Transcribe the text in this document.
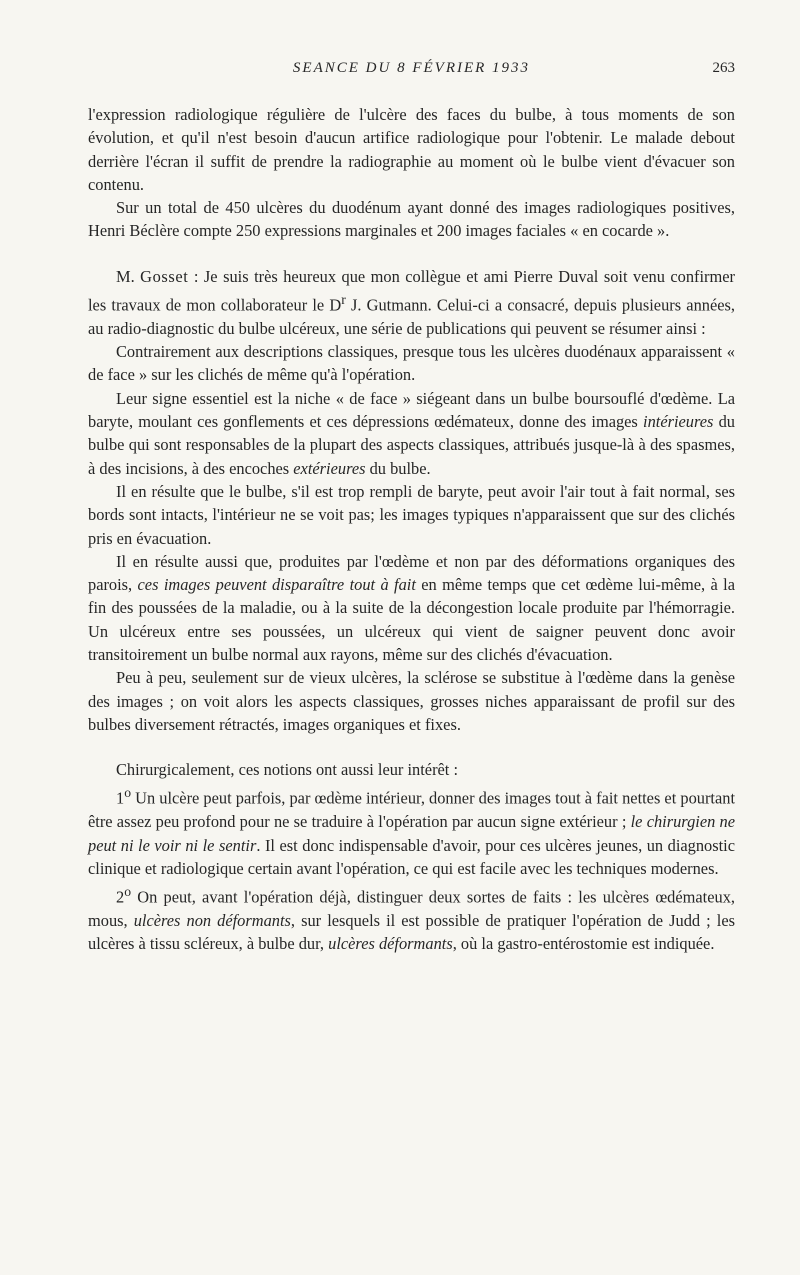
SEANCE DU 8 FÉVRIER 1933	263

l'expression radiologique régulière de l'ulcère des faces du bulbe, à tous moments de son évolution, et qu'il n'est besoin d'aucun artifice radiologique pour l'obtenir. Le malade debout derrière l'écran il suffit de prendre la radiographie au moment où le bulbe vient d'évacuer son contenu.

Sur un total de 450 ulcères du duodénum ayant donné des images radiologiques positives, Henri Béclère compte 250 expressions marginales et 200 images faciales « en cocarde ».

M. Gosset : Je suis très heureux que mon collègue et ami Pierre Duval soit venu confirmer les travaux de mon collaborateur le $D^r$ J. Gutmann. Celui-ci a consacré, depuis plusieurs années, au radio-diagnostic du bulbe ulcéreux, une série de publications qui peuvent se résumer ainsi :

Contrairement aux descriptions classiques, presque tous les ulcères duodénaux apparaissent « de face » sur les clichés de même qu'à l'opération.

Leur signe essentiel est la niche « de face » siégeant dans un bulbe boursouflé d'œdème. La baryte, moulant ces gonflements et ces dépressions œdémateux, donne des images intérieures du bulbe qui sont responsables de la plupart des aspects classiques, attribués jusque-là à des spasmes, à des incisions, à des encoches extérieures du bulbe.

Il en résulte que le bulbe, s'il est trop rempli de baryte, peut avoir l'air tout à fait normal, ses bords sont intacts, l'intérieur ne se voit pas; les images typiques n'apparaissent que sur des clichés pris en évacuation.

Il en résulte aussi que, produites par l'œdème et non par des déformations organiques des parois, ces images peuvent disparaître tout à fait en même temps que cet œdème lui-même, à la fin des poussées de la maladie, ou à la suite de la décongestion locale produite par l'hémorragie. Un ulcéreux entre ses poussées, un ulcéreux qui vient de saigner peuvent donc avoir transitoirement un bulbe normal aux rayons, même sur des clichés d'évacuation.

Peu à peu, seulement sur de vieux ulcères, la sclérose se substitue à l'œdème dans la genèse des images ; on voit alors les aspects classiques, grosses niches apparaissant de profil sur des bulbes diversement rétractés, images organiques et fixes.

Chirurgicalement, ces notions ont aussi leur intérêt :

1$^o$ Un ulcère peut parfois, par œdème intérieur, donner des images tout à fait nettes et pourtant être assez peu profond pour ne se traduire à l'opération par aucun signe extérieur ; le chirurgien ne peut ni le voir ni le sentir. Il est donc indispensable d'avoir, pour ces ulcères jeunes, un diagnostic clinique et radiologique certain avant l'opération, ce qui est facile avec les techniques modernes.

2$^o$ On peut, avant l'opération déjà, distinguer deux sortes de faits : les ulcères œdémateux, mous, ulcères non déformants, sur lesquels il est possible de pratiquer l'opération de Judd ; les ulcères à tissu scléreux, à bulbe dur, ulcères déformants, où la gastro-entérostomie est indiquée.
